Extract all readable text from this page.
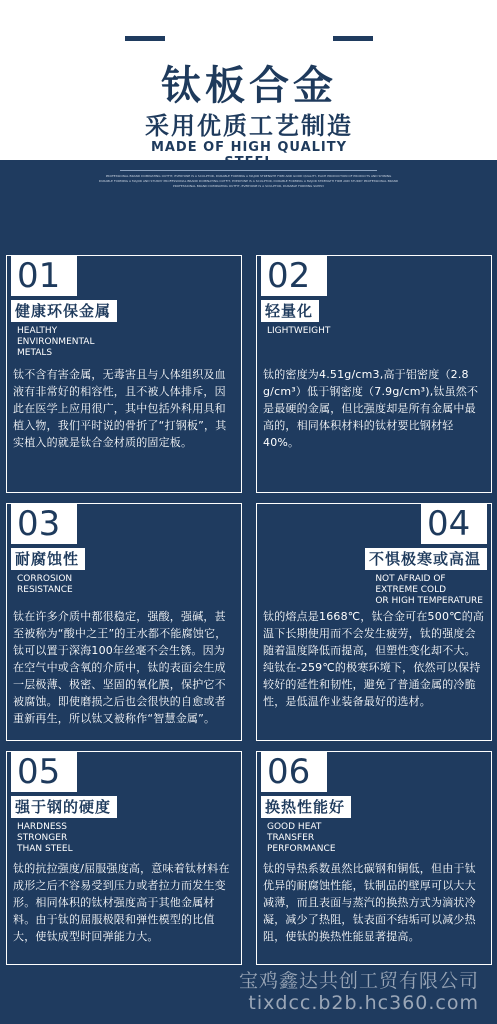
钛板合金
采用优质工艺制造
MADE OF HIGH QUALITY
PROFESSIONAL BRAND DOMINATING OUTFIT, EVERYONE IS A SCULPTOR, DURABLE FORMING A MAJOR STRENGTH FIRM AND GOOD QUALITY, EACH PRODUCTION OF PRODUCTS AND SHINING
DURABLE FORMING A MAJOR AND STURDY PROFESSIONAL BRAND DOMINATING OUTFIT, EVERYONE IS A SCULPTOR, DURABLE FORMING A MAJOR STRENGTH FIRM AND STURDY PROFESSIONAL BRAND
PROFESSIONAL BRAND DOMINATING OUTFIT, EVERYONE IS A SCULPTOR, DURABLE FORMING SUPPLY
01
健康环保金属
HEALTHY
ENVIRONMENTAL
METALS
钛不含有害金属，无毒害且与人体组织及血液有非常好的相容性，且不被人体排斥，因此在医学上应用很广，其中包括外科用具和植入物，我们平时说的骨折了“打钢板”，其实植入的就是钛合金材质的固定板。
02
轻量化
LIGHTWEIGHT
钛的密度为4.51g/cm3,高于铝密度（2.8 g/cm³）低于钢密度（7.9g/cm³),钛虽然不是最硬的金属，但比强度却是所有金属中最高的，相同体积材料的钛材要比钢材轻40%。
03
耐腐蚀性
CORROSION
RESISTANCE
钛在许多介质中都很稳定，强酸，强碱，甚至被称为“酸中之王”的王水都不能腐蚀它，钛可以置于深海100年丝毫不会生锈。因为在空气中或含氧的介质中，钛的表面会生成一层极薄、极密、坚固的氧化膜，保护它不被腐蚀。即使磨损之后也会很快的自愈或者重新再生，所以钛又被称作“智慧金属”。
04
不惧极寒或高温
NOT AFRAID OF
EXTREME COLD
OR HIGH TEMPERATURE
钛的熔点是1668℃，钛合金可在500℃的高温下长期使用而不会发生疲劳，钛的强度会随着温度降低而提高，但塑性变化却不大。纯钛在-259℃的极寒环境下，依然可以保持较好的延性和韧性，避免了普通金属的冷脆性，是低温作业装备最好的选材。
05
强于钢的硬度
HARDNESS
STRONGER
THAN STEEL
钛的抗拉强度/屈服强度高，意味着钛材料在成形之后不容易受到压力或者拉力而发生变形。相同体积的钛材强度高于其他金属材料。由于钛的屈服极限和弹性模型的比值大，使钛成型时回弹能力大。
06
换热性能好
GOOD HEAT
TRANSFER
PERFORMANCE
钛的导热系数虽然比碳钢和铜低，但由于钛优异的耐腐蚀性能，钛制品的壁厚可以大大减薄，而且表面与蒸汽的换热方式为滴状冷凝，减少了热阻，钛表面不结垢可以减少热阻，使钛的换热性能显著提高。
宝鸡鑫达共创工贸有限公司
tixdcc.b2b.hc360.com
